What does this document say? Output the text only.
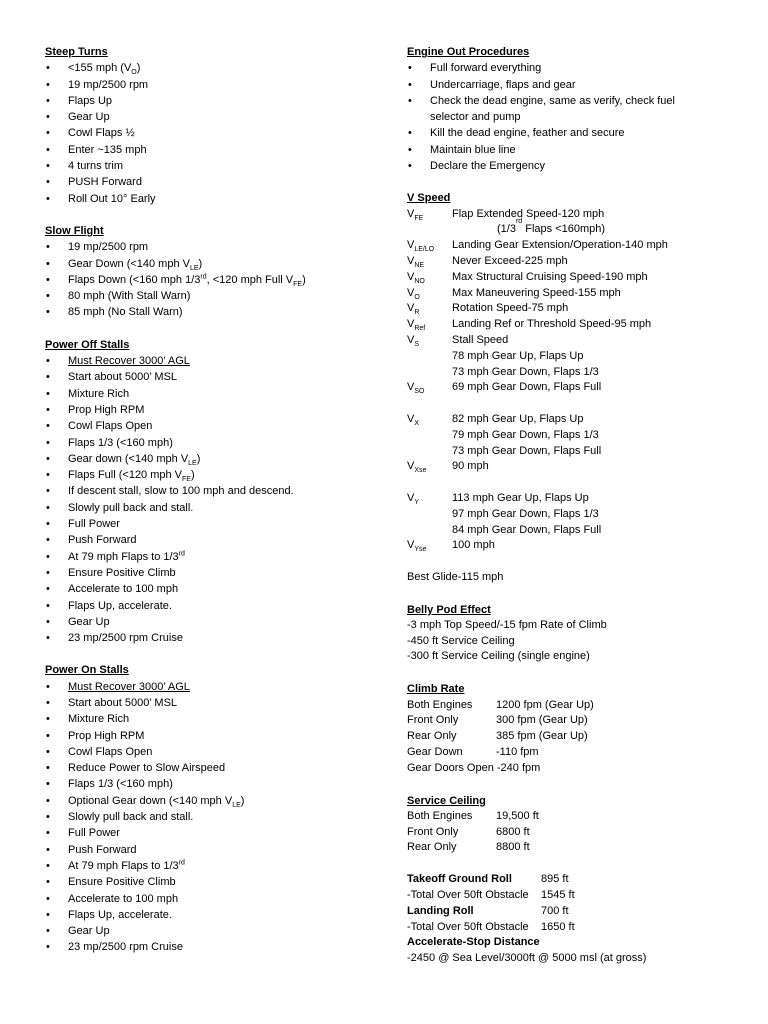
Steep Turns
• <155 mph $(V_O)$
• 19 mp/2500 rpm
• Flaps Up
• Gear Up
• Cowl Flaps ½
• Enter ~135 mph
• 4 turns trim
• PUSH Forward
• Roll Out 10° Early
Slow Flight
• 19 mp/2500 rpm
• Gear Down (<140 mph $V_{LE}$)
• Flaps Down (<160 mph 1/3rd, <120 mph Full $V_{FE}$)
• 80 mph (With Stall Warn)
• 85 mph (No Stall Warn)
Power Off Stalls
• Must Recover 3000’ AGL
• Start about 5000’ MSL
• Mixture Rich
• Prop High RPM
• Cowl Flaps Open
• Flaps 1/3 (<160 mph)
• Gear down (<140 mph $V_{LE}$)
• Flaps Full (<120 mph $V_{FE}$)
• If descent stall, slow to 100 mph and descend.
• Slowly pull back and stall.
• Full Power
• Push Forward
• At 79 mph Flaps to 1/3rd
• Ensure Positive Climb
• Accelerate to 100 mph
• Flaps Up, accelerate.
• Gear Up
• 23 mp/2500 rpm Cruise
Power On Stalls
• Must Recover 3000’ AGL
• Start about 5000’ MSL
• Mixture Rich
• Prop High RPM
• Cowl Flaps Open
• Reduce Power to Slow Airspeed
• Flaps 1/3 (<160 mph)
• Optional Gear down (<140 mph $V_{LE}$)
• Slowly pull back and stall.
• Full Power
• Push Forward
• At 79 mph Flaps to 1/3rd
• Ensure Positive Climb
• Accelerate to 100 mph
• Flaps Up, accelerate.
• Gear Up
• 23 mp/2500 rpm Cruise
Engine Out Procedures
• Full forward everything
• Undercarriage, flaps and gear
• Check the dead engine, same as verify, check fuel selector and pump
• Kill the dead engine, feather and secure
• Maintain blue line
• Declare the Emergency
V Speed
$V_{FE}$	Flap Extended Speed-120 mph
(1/3
rd
Flaps <160mph)
$V_{LE/LO}$	Landing Gear Extension/Operation-140 mph
$V_{NE}$	Never Exceed-225 mph
$V_{NO}$	Max Structural Cruising Speed-190 mph
$V_O$	Max Maneuvering Speed-155 mph
$V_R$	Rotation Speed-75 mph
$V_{Ref}$	Landing Ref or Threshold Speed-95 mph
$V_S$	Stall Speed
78 mph Gear Up, Flaps Up
73 mph Gear Down, Flaps 1/3
$V_{SO}$	69 mph Gear Down, Flaps Full
$V_X$	82 mph Gear Up, Flaps Up
79 mph Gear Down, Flaps 1/3
73 mph Gear Down, Flaps Full
$V_{Xse}$	90 mph
$V_Y$	113 mph Gear Up, Flaps Up
97 mph Gear Down, Flaps 1/3
84 mph Gear Down, Flaps Full
$V_{Yse}$	100 mph
Best Glide-115 mph
Belly Pod Effect
-3 mph Top Speed/-15 fpm Rate of Climb
-450 ft Service Ceiling
-300 ft Service Ceiling (single engine)
Climb Rate
Both Engines	1200 fpm (Gear Up)
Front Only	300 fpm (Gear Up)
Rear Only	385 fpm (Gear Up)
Gear Down	-110 fpm
Gear Doors Open -240 fpm
Service Ceiling
Both Engines	19,500 ft
Front Only	6800 ft
Rear Only	8800 ft
Takeoff Ground Roll	895 ft
-Total Over 50ft Obstacle	1545 ft
Landing Roll	700 ft
-Total Over 50ft Obstacle	1650 ft
Accelerate-Stop Distance
-2450 @ Sea Level/3000ft @ 5000 msl (at gross)
